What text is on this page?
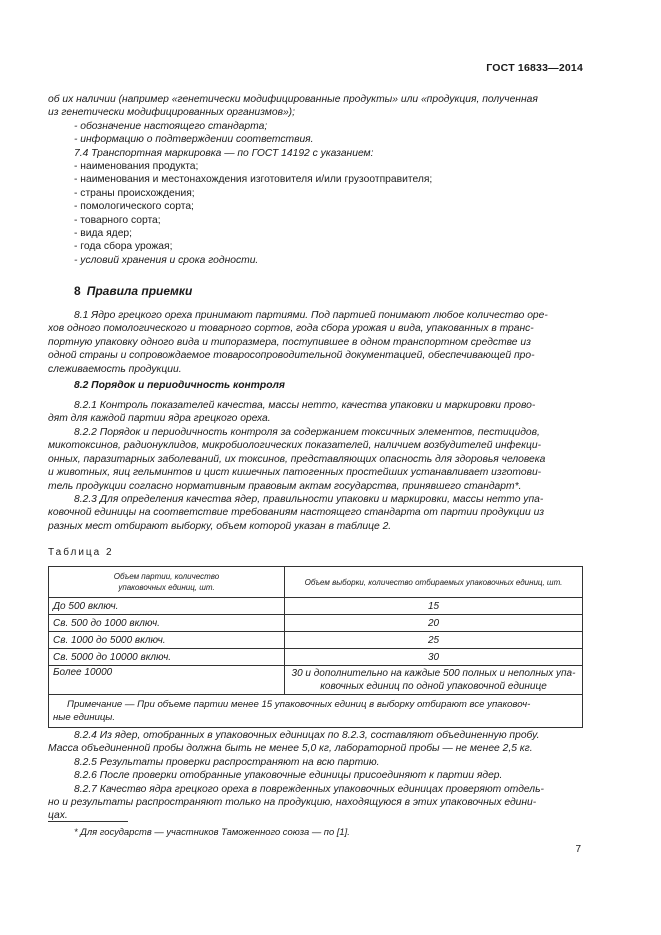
ГОСТ 16833—2014
об их наличии (например «генетически модифицированные продукты» или «продукция, полученная
из генетически модифицированных организмов»);
- обозначение настоящего стандарта;
- информацию о подтверждении соответствия.
7.4 Транспортная маркировка — по ГОСТ 14192 с указанием:
- наименования продукта;
- наименования и местонахождения изготовителя и/или грузоотправителя;
- страны происхождения;
- помологического сорта;
- товарного сорта;
- вида ядер;
- года сбора урожая;
- условий хранения и срока годности.
8 Правила приемки
8.1 Ядро грецкого ореха принимают партиями. Под партией понимают любое количество оре-
хов одного помологического и товарного сортов, года сбора урожая и вида, упакованных в транс-
портную упаковку одного вида и типоразмера, поступившее в одном транспортном средстве из
одной страны и сопровождаемое товаросопроводительной документацией, обеспечивающей про-
слеживаемость продукции.
8.2 Порядок и периодичность контроля
8.2.1 Контроль показателей качества, массы нетто, качества упаковки и маркировки прово-
дят для каждой партии ядра грецкого ореха.
8.2.2 Порядок и периодичность контроля за содержанием токсичных элементов, пестицидов,
микотоксинов, радионуклидов, микробиологических показателей, наличием возбудителей инфекци-
онных, паразитарных заболеваний, их токсинов, представляющих опасность для здоровья человека
и животных, яиц гельминтов и цист кишечных патогенных простейших устанавливает изготови-
тель продукции согласно нормативным правовым актам государства, принявшего стандарт*.
8.2.3 Для определения качества ядер, правильности упаковки и маркировки, массы нетто упа-
ковочной единицы на соответствие требованиям настоящего стандарта от партии продукции из
разных мест отбирают выборку, объем которой указан в таблице 2.
Таблица 2
Объем партии, количество
упаковочных единиц, шт.	Объем выборки, количество отбираемых упаковочных единиц, шт.
До 500 включ.	15
Св. 500 до 1000 включ.	20
Св. 1000 до 5000 включ.	25
Св. 5000 до 10000 включ.	30
Более 10000	30 и дополнительно на каждые 500 полных и неполных упа-
ковочных единиц по одной упаковочной единице

Примечание — При объеме партии менее 15 упаковочных единиц в выборку отбирают все упаковоч-
ные единицы.	
8.2.4 Из ядер, отобранных в упаковочных единицах по 8.2.3, составляют объединенную пробу.
Масса объединенной пробы должна быть не менее 5,0 кг, лабораторной пробы — не менее 2,5 кг.
8.2.5 Результаты проверки распространяют на всю партию.
8.2.6 После проверки отобранные упаковочные единицы присоединяют к партии ядер.
8.2.7 Качество ядра грецкого ореха в поврежденных упаковочных единицах проверяют отдель-
но и результаты распространяют только на продукцию, находящуюся в этих упаковочных едини-
цах.
* Для государств — участников Таможенного союза — по [1].
7
